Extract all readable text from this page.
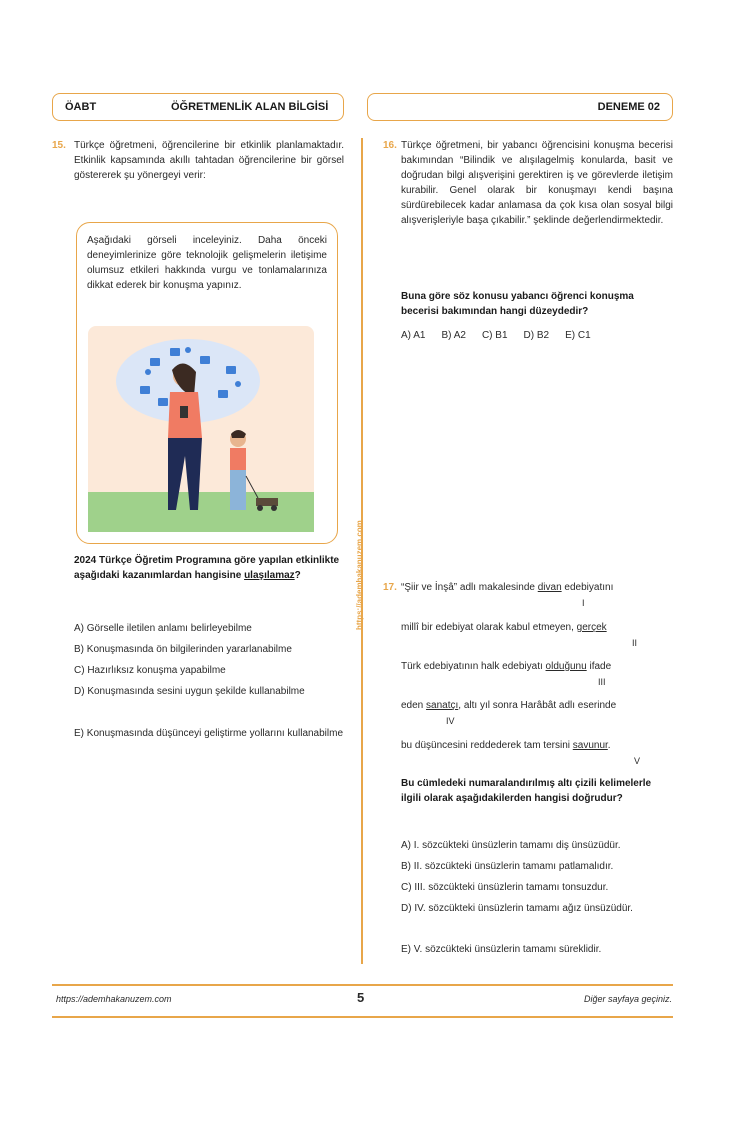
ÖABT	ÖĞRETMENLİK ALAN BİLGİSİ	DENEME 02
15. Türkçe öğretmeni, öğrencilerine bir etkinlik planlamaktadır. Etkinlik kapsamında akıllı tahtadan öğrencilerine bir görsel göstererek şu yönergeyi verir:
Aşağıdaki görseli inceleyiniz. Daha önceki deneyimlerinize göre teknolojik gelişmelerin iletişime olumsuz etkileri hakkında vurgu ve tonlamalarınıza dikkat ederek bir konuşma yapınız.
2024 Türkçe Öğretim Programına göre yapılan etkinlikte aşağıdaki kazanımlardan hangisine ulaşılamaz?
A) Görselle iletilen anlamı belirleyebilme
B) Konuşmasında ön bilgilerinden yararlanabilme
C) Hazırlıksız konuşma yapabilme
D) Konuşmasında sesini uygun şekilde kullanabilme
E) Konuşmasında düşünceyi geliştirme yollarını kullanabilme
https://ademhakanuzem.com
16. Türkçe öğretmeni, bir yabancı öğrencisini konuşma becerisi bakımından “Bilindik ve alışılagelmiş konularda, basit ve doğrudan bilgi alışverişini gerektiren iş ve görevlerde iletişim kurabilir. Genel olarak bir konuşmayı kendi başına sürdürebilecek kadar anlamasa da çok kısa olan sosyal bilgi alışverişleriyle başa çıkabilir.” şeklinde değerlendirmektedir.
Buna göre söz konusu yabancı öğrenci konuşma becerisi bakımından hangi düzeydedir?
A) A1 B) A2 C) B1 D) B2 E) C1
17. “Şiir ve İnşâ” adlı makalesinde divan edebiyatını
I
millî bir edebiyat olarak kabul etmeyen, gerçek
II
Türk edebiyatının halk edebiyatı olduğunu ifade
III
eden sanatçı, altı yıl sonra Harâbât adlı eserinde
IV
bu düşüncesini reddederek tam tersini savunur.
V
Bu cümledeki numaralandırılmış altı çizili kelimelerle ilgili olarak aşağıdakilerden hangisi doğrudur?
A) I. sözcükteki ünsüzlerin tamamı diş ünsüzüdür.
B) II. sözcükteki ünsüzlerin tamamı patlamalıdır.
C) III. sözcükteki ünsüzlerin tamamı tonsuzdur.
D) IV. sözcükteki ünsüzlerin tamamı ağız ünsüzüdür.
E) V. sözcükteki ünsüzlerin tamamı süreklidir.
https://ademhakanuzem.com	5	Diğer sayfaya geçiniz.
